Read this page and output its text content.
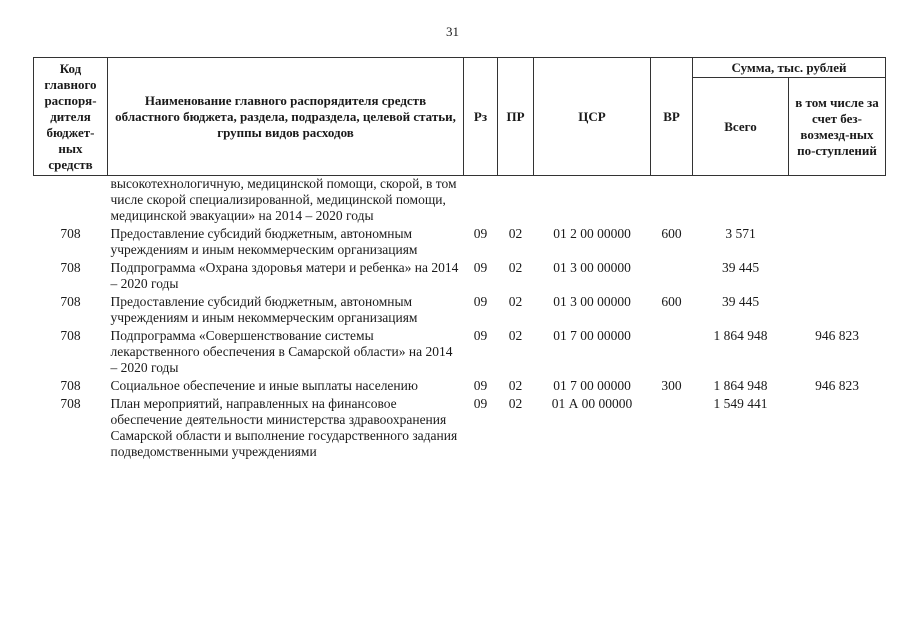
31
Код главного распоря-дителя бюджет-ных средств	Наименование главного распорядителя средств областного бюджета, раздела, подраздела, целевой статьи, группы видов расходов	Рз	ПР	ЦСР	ВР	Сумма, тыс. рублей	
						Всего	в том числе за счет без-возмезд-ных по-ступлений
	высокотехнологичную, медицинской помощи, скорой, в том числе скорой специализированной, медицинской помощи, медицинской эвакуации» на 2014 – 2020 годы						
708	Предоставление субсидий бюджетным, автономным учреждениям и иным некоммерческим организациям	09	02	01 2 00 00000	600	3 571	
708	Подпрограмма «Охрана здоровья матери и ребенка» на 2014 – 2020 годы	09	02	01 3 00 00000		39 445	
708	Предоставление субсидий бюджетным, автономным учреждениям и иным некоммерческим организациям	09	02	01 3 00 00000	600	39 445	
708	Подпрограмма «Совершенствование системы лекарственного обеспечения в Самарской области» на 2014 – 2020 годы	09	02	01 7 00 00000		1 864 948	946 823
708	Социальное обеспечение и иные выплаты населению	09	02	01 7 00 00000	300	1 864 948	946 823
708	План мероприятий, направленных на финансовое обеспечение деятельности министерства здравоохранения Самарской области и выполнение государственного задания подведомственными учреждениями	09	02	01 А 00 00000		1 549 441	
